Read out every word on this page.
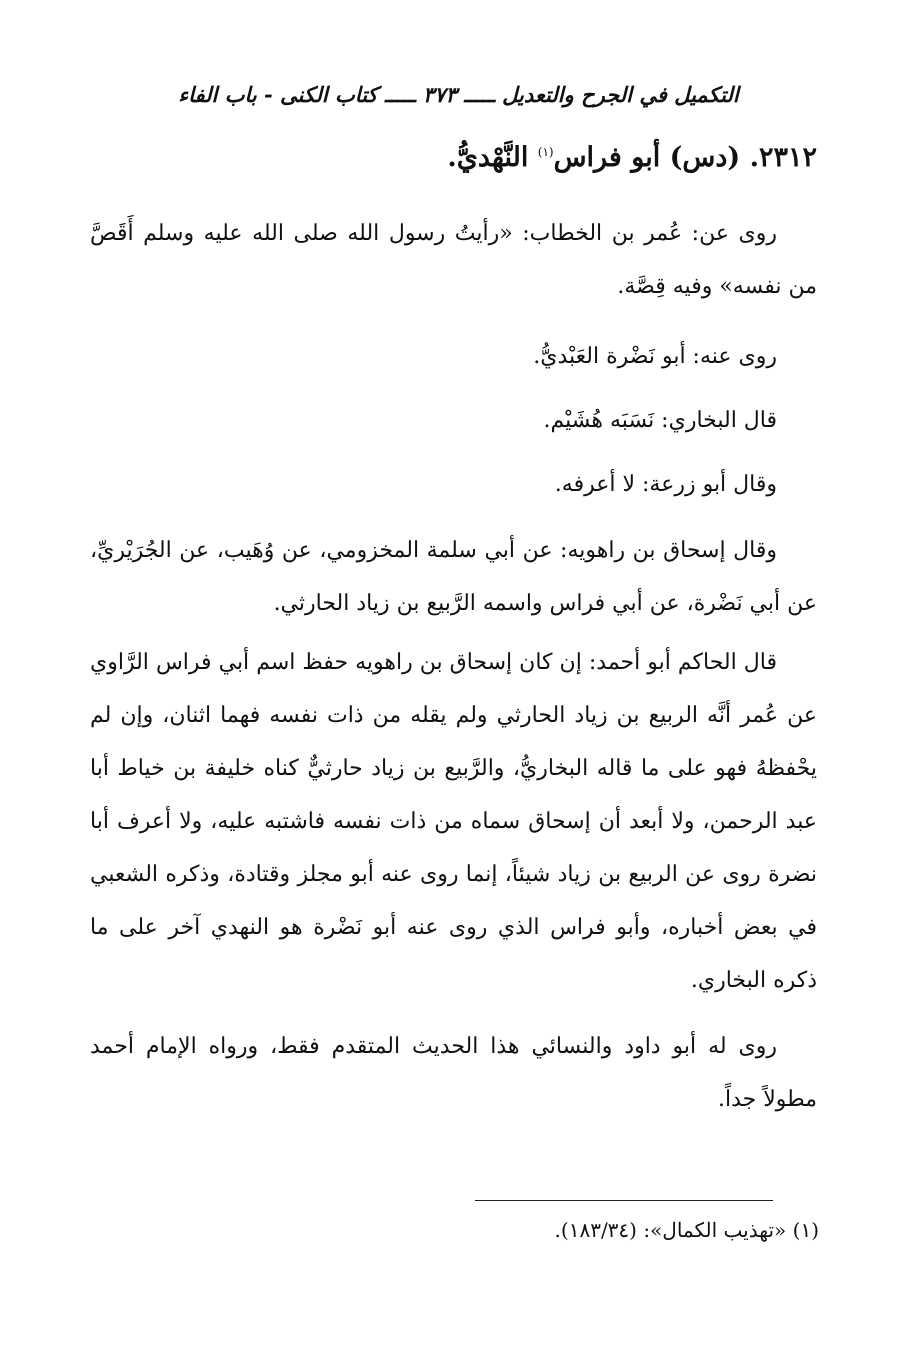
التكميل في الجرح والتعديل ـــــ ٣٧٣ ـــــ كتاب الكنى - باب الفاء
٢٣١٢. (دس) أبو فراس$^{(١)}$ النَّهْديُّ.
روى عن: عُمر بن الخطاب: «رأيتُ رسول الله صلى الله عليه وسلم أَقَصَّ من نفسه» وفيه قِصَّة.
روى عنه: أبو نَضْرة العَبْديُّ.
قال البخاري: نَسَبَه هُشَيْم.
وقال أبو زرعة: لا أعرفه.
وقال إسحاق بن راهويه: عن أبي سلمة المخزومي، عن وُهَيب، عن الجُرَيْريِّ، عن أبي نَضْرة، عن أبي فراس واسمه الرَّبيع بن زياد الحارثي.
قال الحاكم أبو أحمد: إن كان إسحاق بن راهويه حفظ اسم أبي فراس الرَّاوي عن عُمر أنَّه الربيع بن زياد الحارثي ولم يقله من ذات نفسه فهما اثنان، وإن لم يحْفظهُ فهو على ما قاله البخاريُّ، والرَّبيع بن زياد حارثيٌّ كناه خليفة بن خياط أبا عبد الرحمن، ولا أبعد أن إسحاق سماه من ذات نفسه فاشتبه عليه، ولا أعرف أبا نضرة روى عن الربيع بن زياد شيئاً، إنما روى عنه أبو مجلز وقتادة، وذكره الشعبي في بعض أخباره، وأبو فراس الذي روى عنه أبو نَضْرة هو النهدي آخر على ما ذكره البخاري.
روى له أبو داود والنسائي هذا الحديث المتقدم فقط، ورواه الإمام أحمد مطولاً جداً.
(١) «تهذيب الكمال»: (١٨٣/٣٤).
